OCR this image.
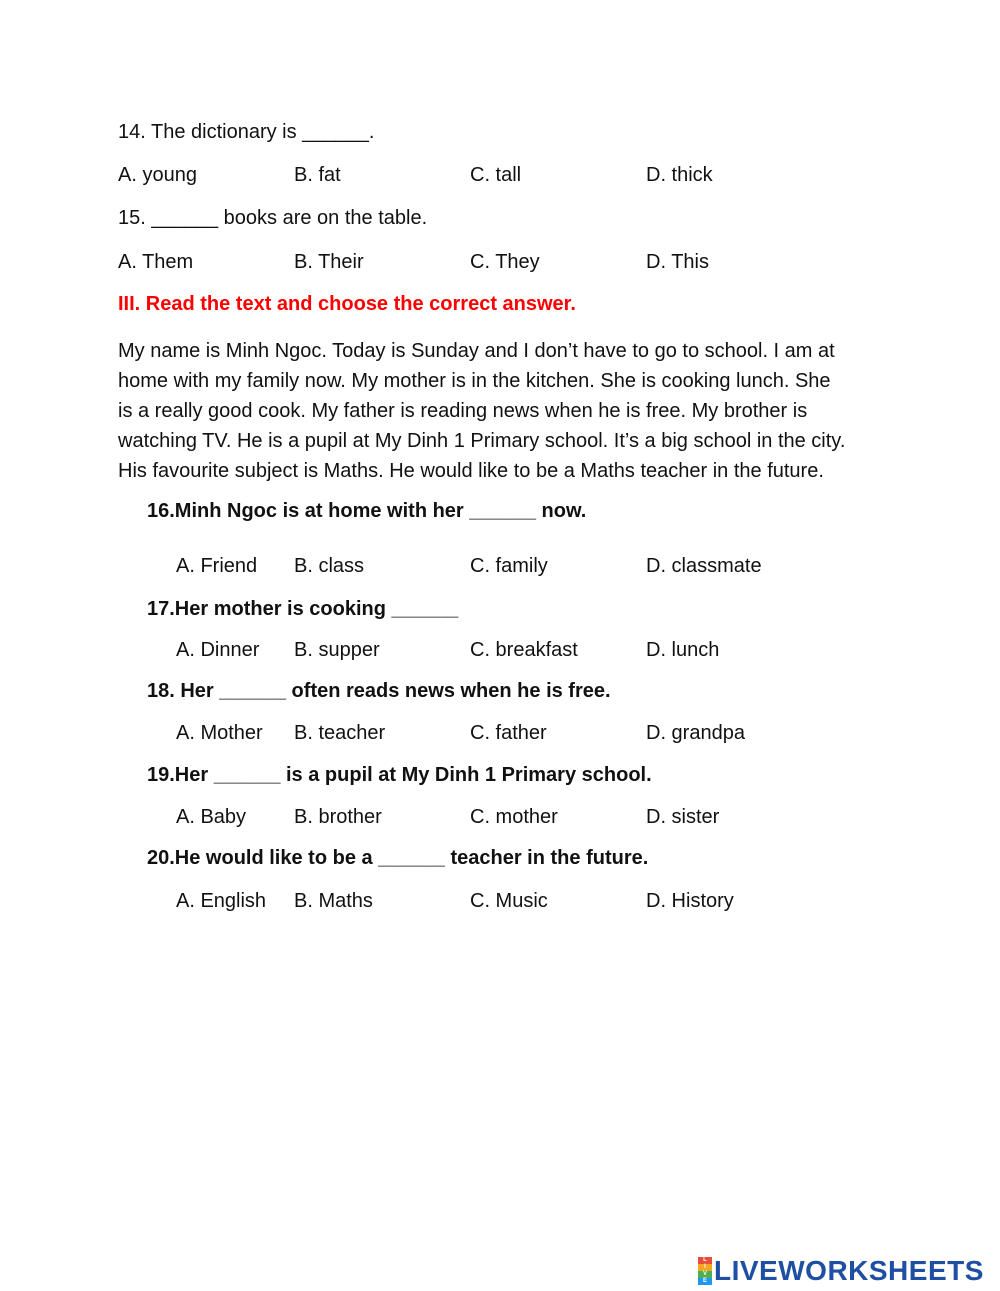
14. The dictionary is ______.
A. young	B. fat	C. tall	D. thick
15. ______ books are on the table.
A. Them	B. Their	C. They	D. This
III. Read the text and choose the correct answer.
My name is Minh Ngoc. Today is Sunday and I don’t have to go to school. I am at
home with my family now. My mother is in the kitchen. She is cooking lunch. She
is a really good cook. My father is reading news when he is free. My brother is
watching TV. He is a pupil at My Dinh 1 Primary school. It’s a big school in the city.
His favourite subject is Maths. He would like to be a Maths teacher in the future.
16.Minh Ngoc is at home with her ______ now.
A. Friend B. class	C. family	D. classmate
17.Her mother is cooking ______
A. Dinner B. supper	C. breakfast	D. lunch
18. Her ______ often reads news when he is free.
A. Mother B. teacher	C. father	D. grandpa
19.Her ______ is a pupil at My Dinh 1 Primary school.
A. Baby B. brother	C. mother	D. sister
20.He would like to be a ______ teacher in the future.
A. English B. Maths	C. Music	D. History
L
I
V
E LIVEWORKSHEETS
